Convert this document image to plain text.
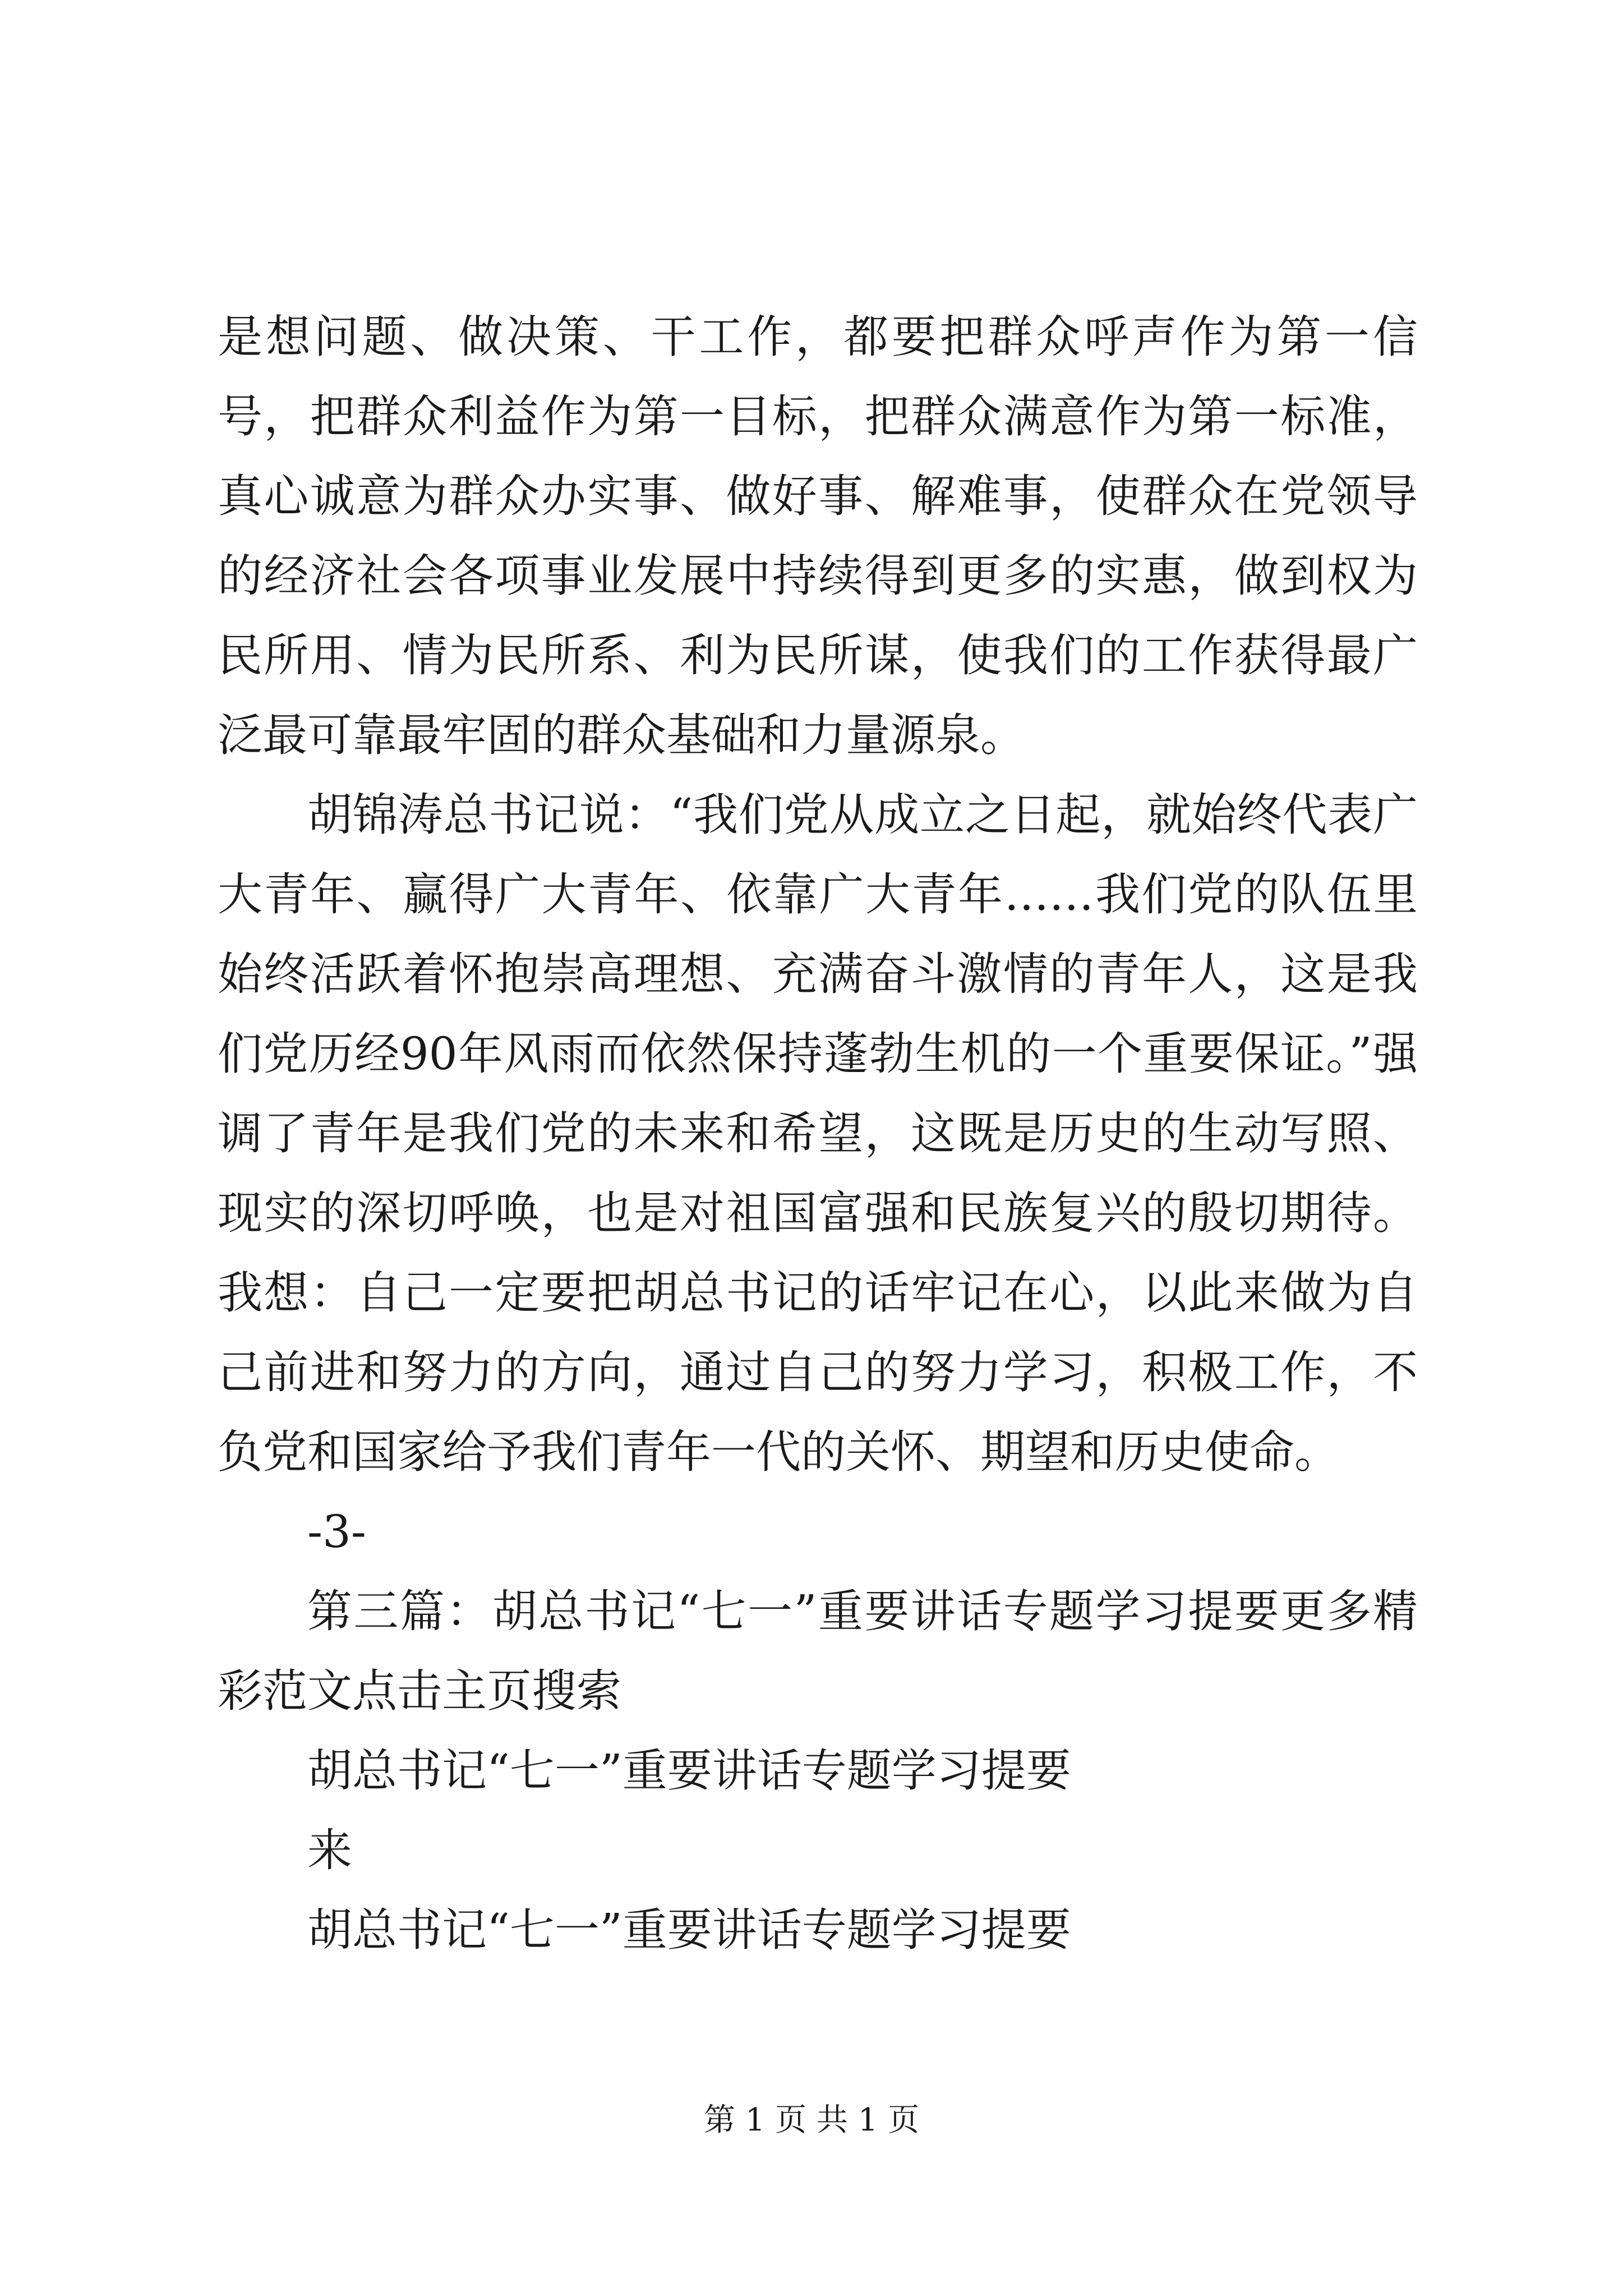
是想问题、做决策、干工作，都要把群众呼声作为第一信号，把群众利益作为第一目标，把群众满意作为第一标准，真心诚意为群众办实事、做好事、解难事，使群众在党领导的经济社会各项事业发展中持续得到更多的实惠，做到权为民所用、情为民所系、利为民所谋，使我们的工作获得最广泛最可靠最牢固的群众基础和力量源泉。

胡锦涛总书记说：“我们党从成立之日起，就始终代表广大青年、赢得广大青年、依靠广大青年……我们党的队伍里始终活跃着怀抱崇高理想、充满奋斗激情的青年人，这是我们党历经90年风雨而依然保持蓬勃生机的一个重要保证。”强调了青年是我们党的未来和希望，这既是历史的生动写照、现实的深切呼唤，也是对祖国富强和民族复兴的殷切期待。我想：自己一定要把胡总书记的话牢记在心，以此来做为自己前进和努力的方向，通过自己的努力学习，积极工作，不负党和国家给予我们青年一代的关怀、期望和历史使命。

-3-

第三篇：胡总书记“七一”重要讲话专题学习提要更多精彩范文点击主页搜索

胡总书记“七一”重要讲话专题学习提要

来

胡总书记“七一”重要讲话专题学习提要

第 1 页 共 1 页
